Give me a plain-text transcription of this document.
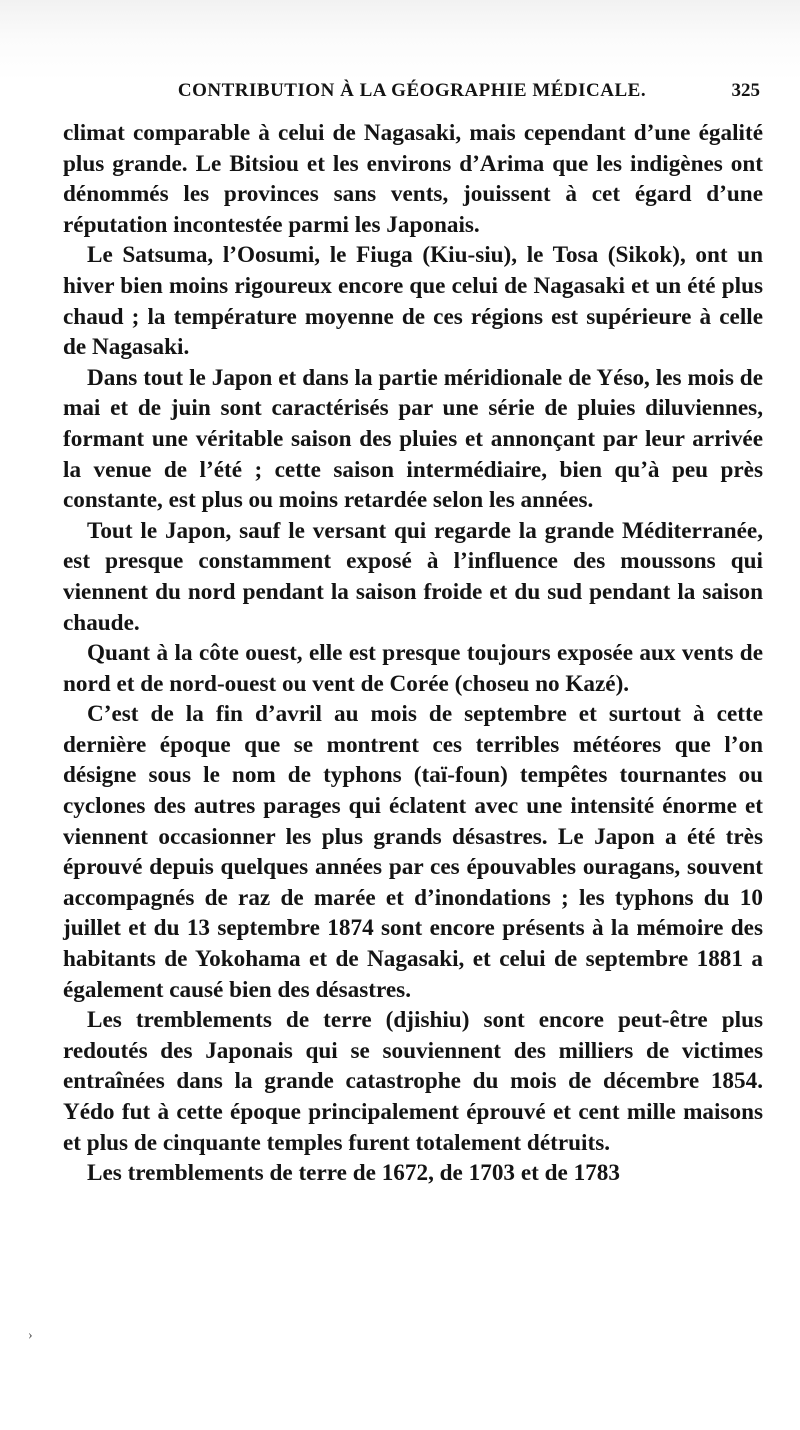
CONTRIBUTION À LA GÉOGRAPHIE MÉDICALE.	325

climat comparable à celui de Nagasaki, mais cependant d’une égalité plus grande. Le Bitsiou et les environs d’Arima que les indigènes ont dénommés les provinces sans vents, jouissent à cet égard d’une réputation incontestée parmi les Japonais.

Le Satsuma, l’Oosumi, le Fiuga (Kiu-siu), le Tosa (Sikok), ont un hiver bien moins rigoureux encore que celui de Nagasaki et un été plus chaud ; la température moyenne de ces régions est supérieure à celle de Nagasaki.

Dans tout le Japon et dans la partie méridionale de Yéso, les mois de mai et de juin sont caractérisés par une série de pluies diluviennes, formant une véritable saison des pluies et annonçant par leur arrivée la venue de l’été ; cette saison intermédiaire, bien qu’à peu près constante, est plus ou moins retardée selon les années.

Tout le Japon, sauf le versant qui regarde la grande Méditerranée, est presque constamment exposé à l’influence des moussons qui viennent du nord pendant la saison froide et du sud pendant la saison chaude.

Quant à la côte ouest, elle est presque toujours exposée aux vents de nord et de nord-ouest ou vent de Corée (choseu no Kazé).

C’est de la fin d’avril au mois de septembre et surtout à cette dernière époque que se montrent ces terribles météores que l’on désigne sous le nom de typhons (taï-foun) tempêtes tournantes ou cyclones des autres parages qui éclatent avec une intensité énorme et viennent occasionner les plus grands désastres. Le Japon a été très éprouvé depuis quelques années par ces épouvables ouragans, souvent accompagnés de raz de marée et d’inondations ; les typhons du 10 juillet et du 13 septembre 1874 sont encore présents à la mémoire des habitants de Yokohama et de Nagasaki, et celui de septembre 1881 a également causé bien des désastres.

Les tremblements de terre (djishiu) sont encore peut-être plus redoutés des Japonais qui se souviennent des milliers de victimes entraînées dans la grande catastrophe du mois de décembre 1854. Yédo fut à cette époque principalement éprouvé et cent mille maisons et plus de cinquante temples furent totalement détruits.

Les tremblements de terre de 1672, de 1703 et de 1783

›
